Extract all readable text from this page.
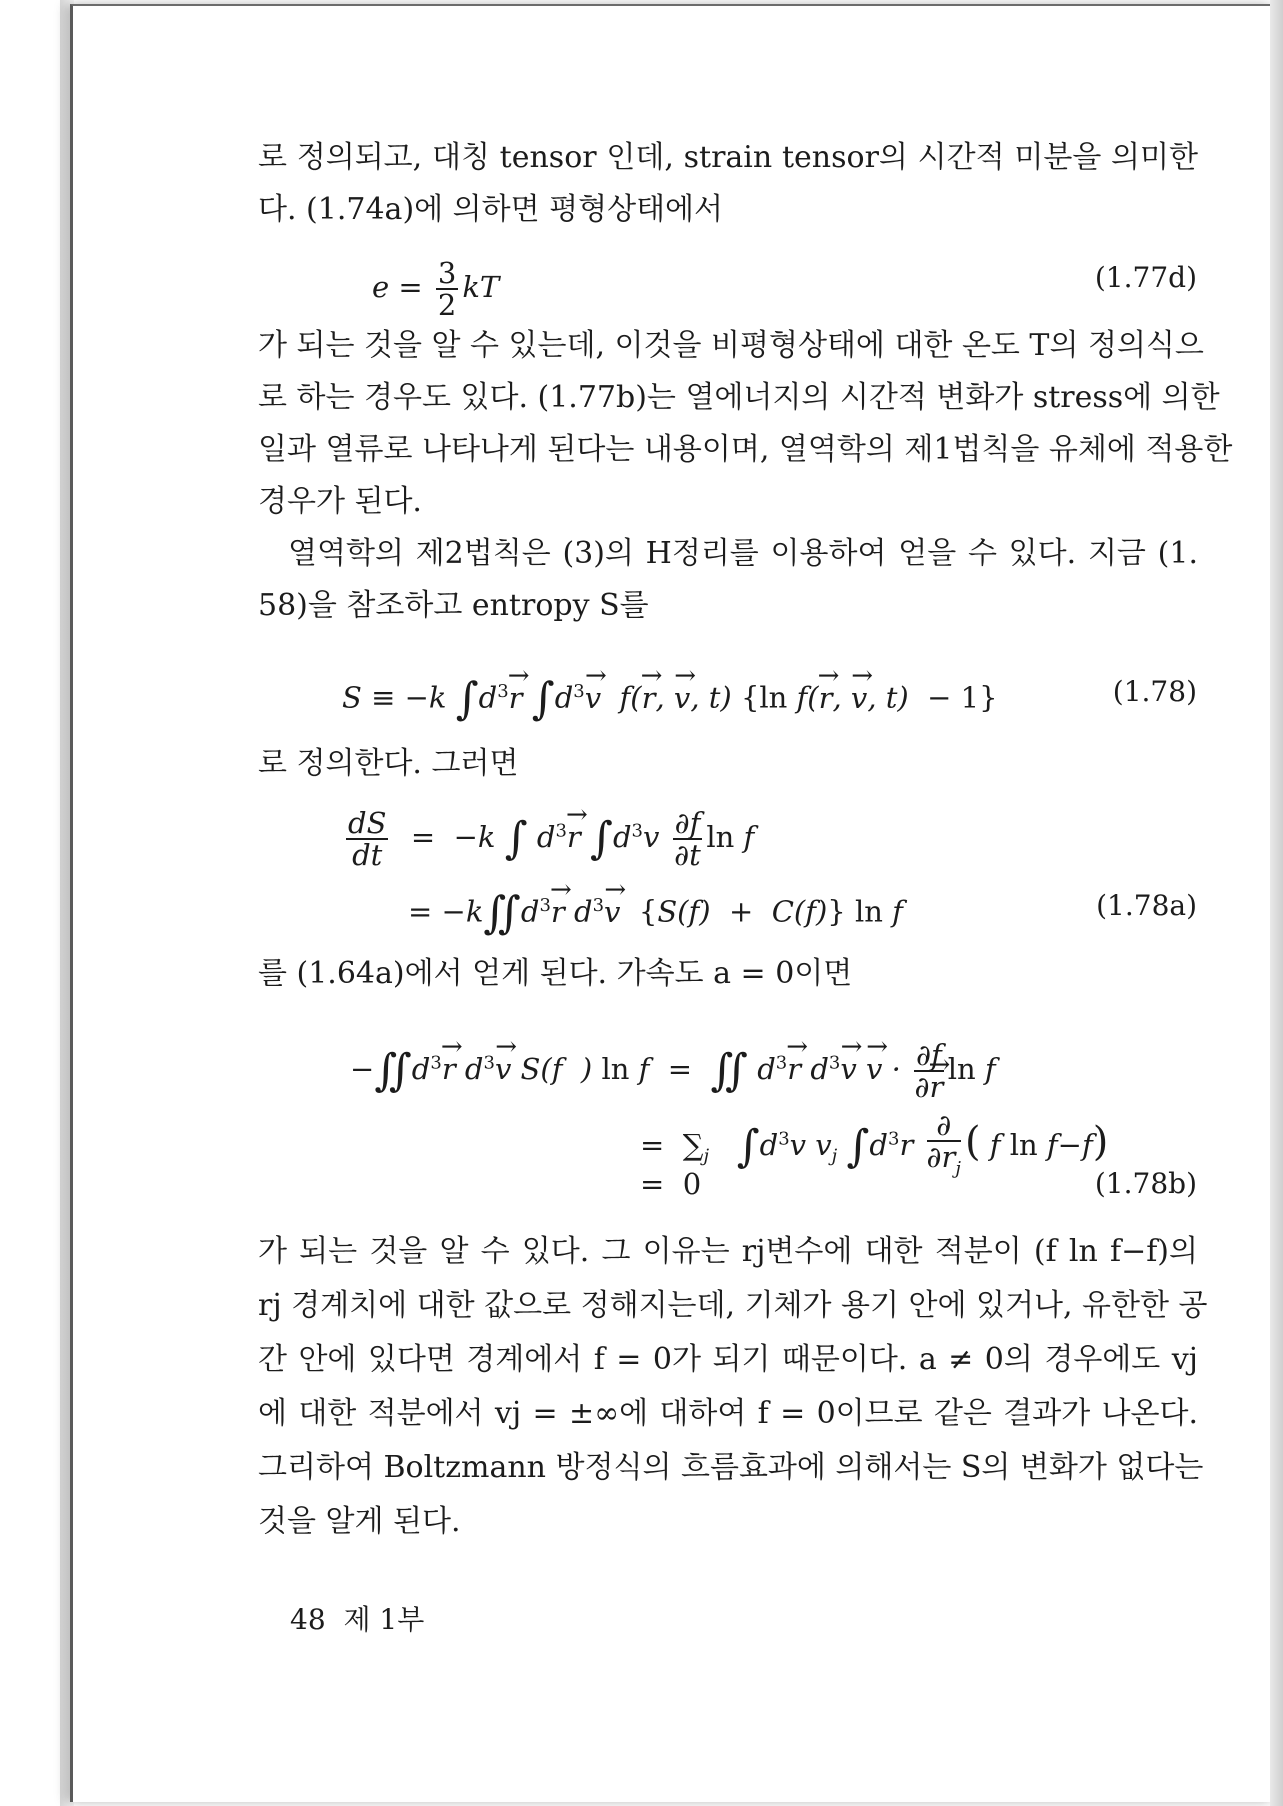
로 정의되고, 대칭 tensor 인데, strain tensor의 시간적 미분을 의미한
다. (1.74a)에 의하면 평형상태에서
$e = \frac{3}{2}$ kT	(1.77d)
가 되는 것을 알 수 있는데, 이것을 비평형상태에 대한 온도 T의 정의식으
로 하는 경우도 있다. (1.77b)는 열에너지의 시간적 변화가 stress에 의한
일과 열류로 나타나게 된다는 내용이며, 열역학의 제1법칙을 유체에 적용한
경우가 된다.
열역학의 제2법칙은 (3)의 H정리를 이용하여 얻을 수 있다. 지금 (1.
58)을 참조하고 entropy S를
S ≡ −k $\int d^3\to r$ $\int d^3\to v$  f(→ r, → v, t) {ln f(→ r, → v, t)  − 1}	(1.78)
로 정의한다. 그러면
$\frac{dS}{dt} = -k$ ∫ $d^3\to r$ $\int d^3v \frac{\partial f}{\partial t}$ ln f
= $-k∬d^3\to r$ $d^3\to v$ {S(f)  +  C(f)} ln f	(1.78a)
를 (1.64a)에서 얻게 된다. 가속도 a = 0이면
$-∬d^3\to r$ $d^3\to v$ S(f  ) ln f  = ∬ $d^3\to r$ $d^3\to v \to v \cdot \frac{\partial f}{\partial\to r}$ ln f
=  $\sum_j$ $\int d^3v$ $v_j$ $\int d^3r \frac{\partial}{\partial r_j}$ ( f ln f−f)
=  0	(1.78b)
가 되는 것을 알 수 있다. 그 이유는 rj변수에 대한 적분이 (f ln f−f)의
rj 경계치에 대한 값으로 정해지는데, 기체가 용기 안에 있거나, 유한한 공
간 안에 있다면 경계에서 f = 0가 되기 때문이다. a ≠ 0의 경우에도 vj
에 대한 적분에서 vj = ±∞에 대하여 f = 0이므로 같은 결과가 나온다.
그리하여 Boltzmann 방정식의 흐름효과에 의해서는 S의 변화가 없다는
것을 알게 된다.
48 제 1부
